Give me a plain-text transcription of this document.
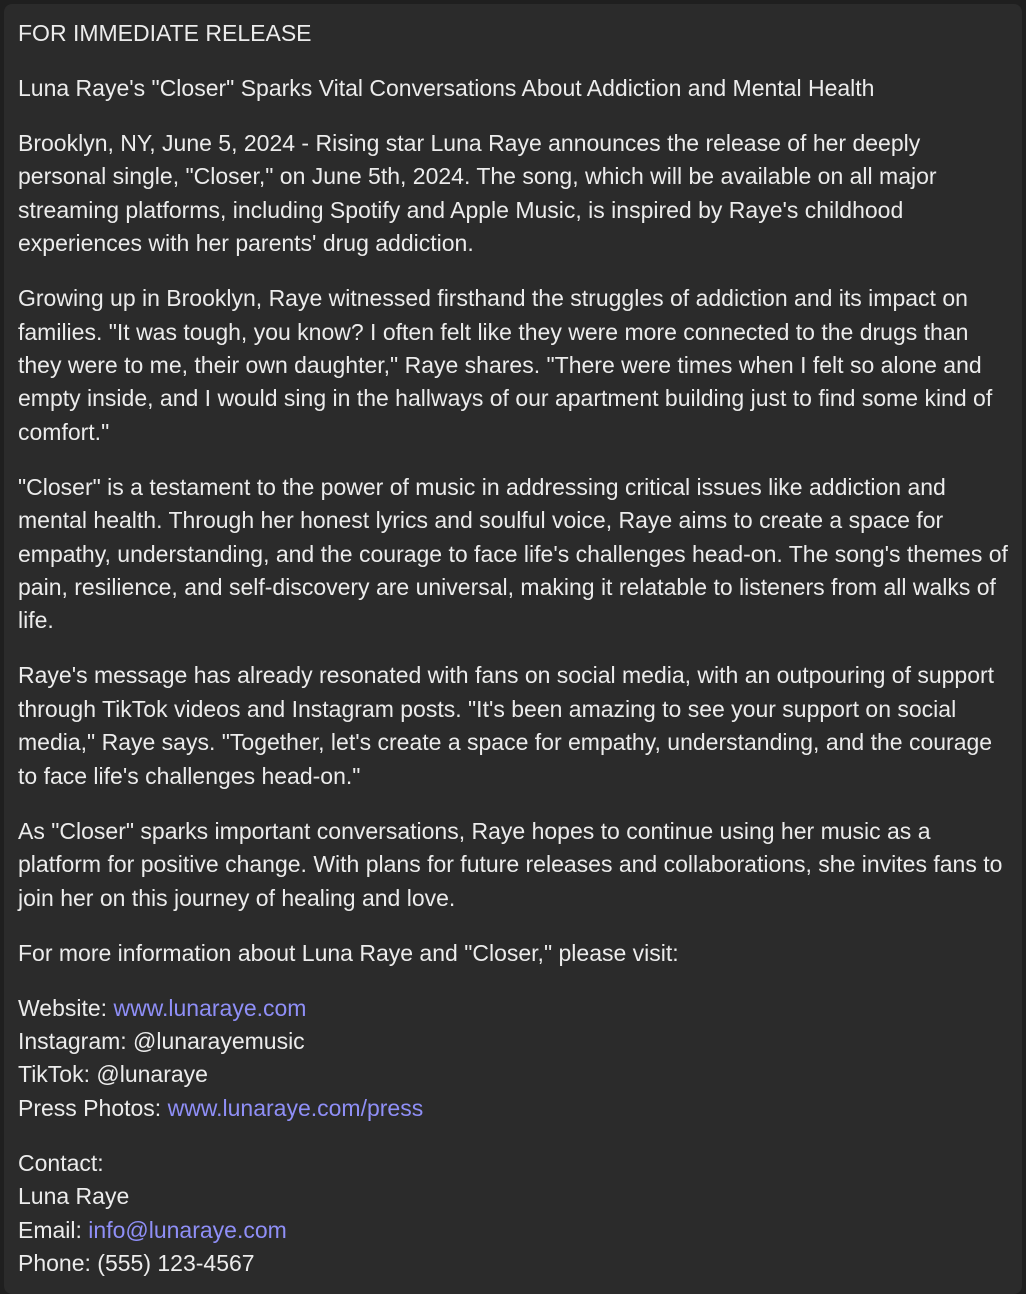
FOR IMMEDIATE RELEASE

Luna Raye's "Closer" Sparks Vital Conversations About Addiction and Mental Health

Brooklyn, NY, June 5, 2024 - Rising star Luna Raye announces the release of her deeply personal single, "Closer," on June 5th, 2024. The song, which will be available on all major streaming platforms, including Spotify and Apple Music, is inspired by Raye's childhood experiences with her parents' drug addiction.

Growing up in Brooklyn, Raye witnessed firsthand the struggles of addiction and its impact on families. "It was tough, you know? I often felt like they were more connected to the drugs than they were to me, their own daughter," Raye shares. "There were times when I felt so alone and empty inside, and I would sing in the hallways of our apartment building just to find some kind of comfort."

"Closer" is a testament to the power of music in addressing critical issues like addiction and mental health. Through her honest lyrics and soulful voice, Raye aims to create a space for empathy, understanding, and the courage to face life's challenges head-on. The song's themes of pain, resilience, and self-discovery are universal, making it relatable to listeners from all walks of life.

Raye's message has already resonated with fans on social media, with an outpouring of support through TikTok videos and Instagram posts. "It's been amazing to see your support on social media," Raye says. "Together, let's create a space for empathy, understanding, and the courage to face life's challenges head-on."

As "Closer" sparks important conversations, Raye hopes to continue using her music as a platform for positive change. With plans for future releases and collaborations, she invites fans to join her on this journey of healing and love.

For more information about Luna Raye and "Closer," please visit:

Website: www.lunaraye.com
Instagram: @lunarayemusic
TikTok: @lunaraye
Press Photos: www.lunaraye.com/press

Contact:
Luna Raye
Email: info@lunaraye.com
Phone: (555) 123-4567
